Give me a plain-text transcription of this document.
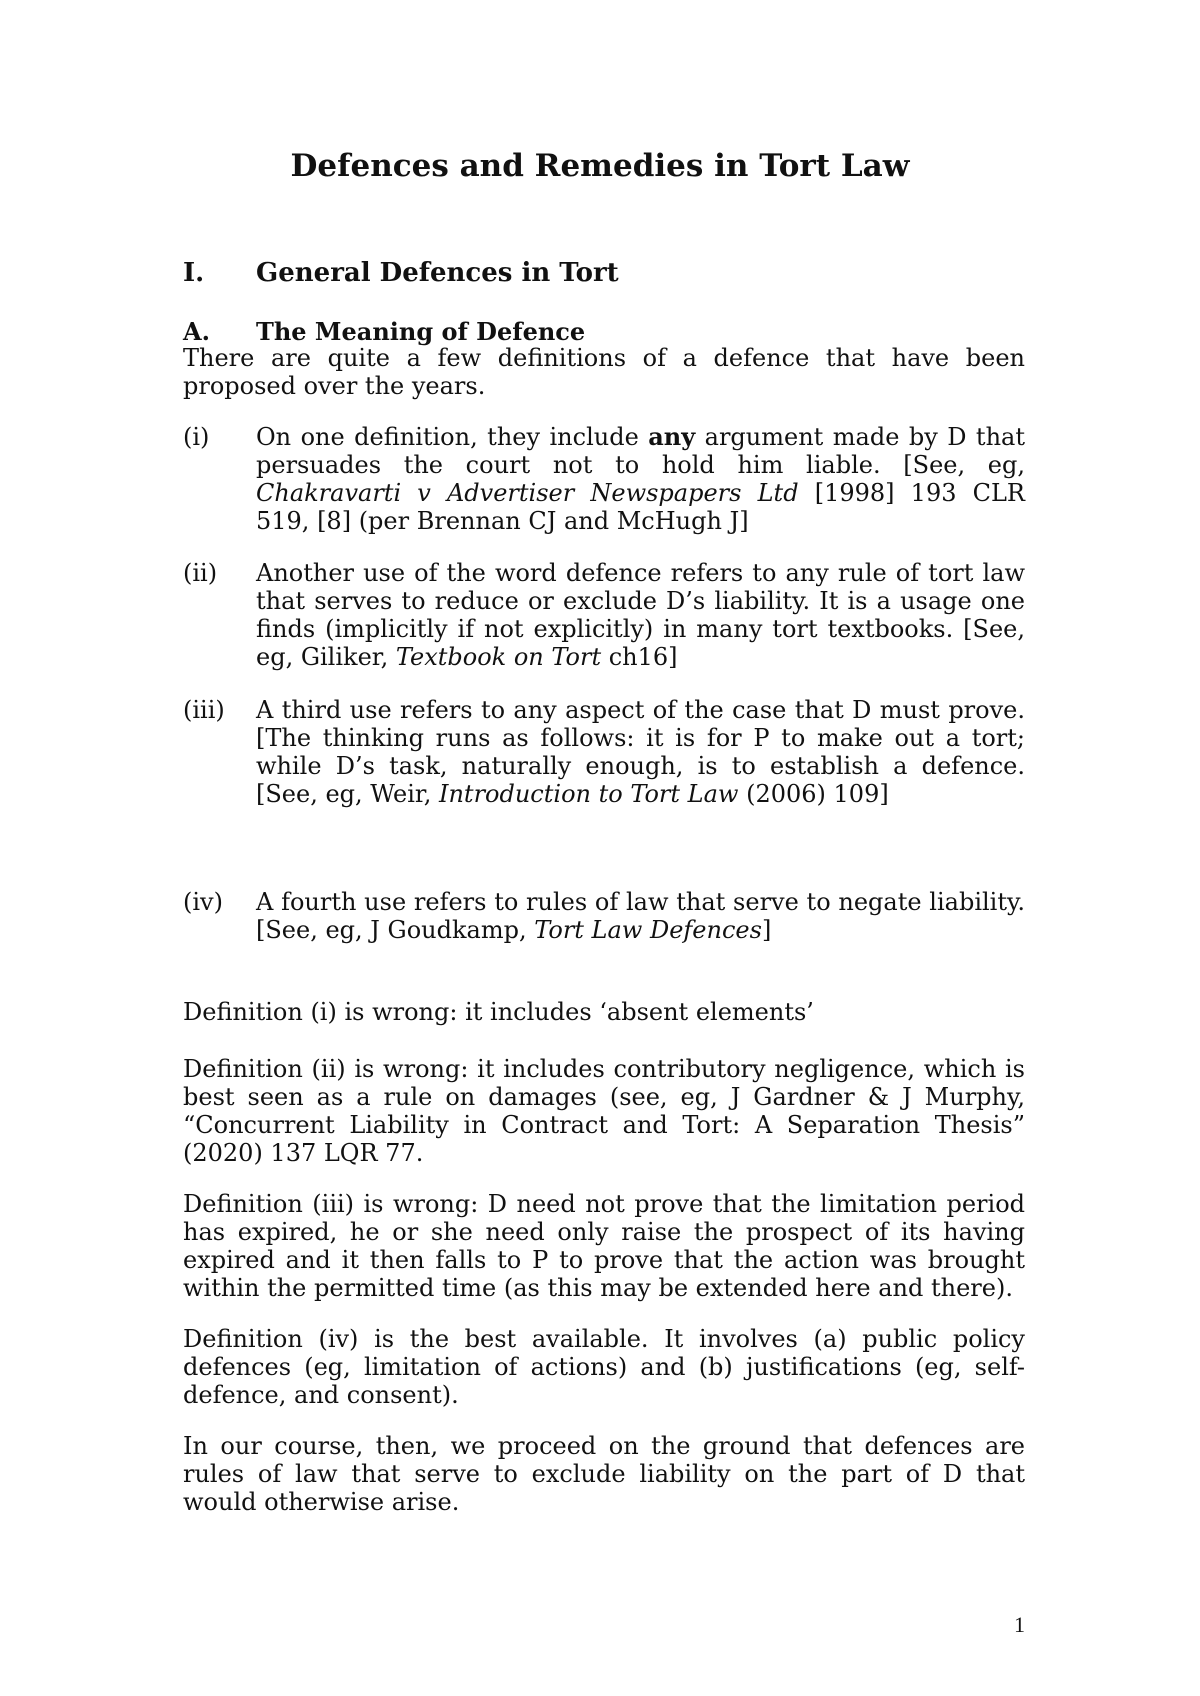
Defences and Remedies in Tort Law
I. General Defences in Tort
A. The Meaning of Defence

There are quite a few definitions of a defence that have been proposed over the years.

(i) On one definition, they include any argument made by D that persuades the court not to hold him liable. [See, eg, Chakravarti v Advertiser Newspapers Ltd [1998] 193 CLR 519, [8] (per Brennan CJ and McHugh J]
(ii) Another use of the word defence refers to any rule of tort law that serves to reduce or exclude D’s liability. It is a usage one finds (implicitly if not explicitly) in many tort textbooks. [See, eg, Giliker, Textbook on Tort ch16]
(iii) A third use refers to any aspect of the case that D must prove. [The thinking runs as follows: it is for P to make out a tort; while D’s task, naturally enough, is to establish a defence. [See, eg, Weir, Introduction to Tort Law (2006) 109]
(iv) A fourth use refers to rules of law that serve to negate liability. [See, eg, J Goudkamp, Tort Law Defences]

Definition (i) is wrong: it includes ‘absent elements’

Definition (ii) is wrong: it includes contributory negligence, which is best seen as a rule on damages (see, eg, J Gardner & J Murphy, “Concurrent Liability in Contract and Tort: A Separation Thesis” (2020) 137 LQR 77.

Definition (iii) is wrong: D need not prove that the limitation period has expired, he or she need only raise the prospect of its having expired and it then falls to P to prove that the action was brought within the permitted time (as this may be extended here and there).

Definition (iv) is the best available. It involves (a) public policy defences (eg, limitation of actions) and (b) justifications (eg, self-defence, and consent).

In our course, then, we proceed on the ground that defences are rules of law that serve to exclude liability on the part of D that would otherwise arise.

1
